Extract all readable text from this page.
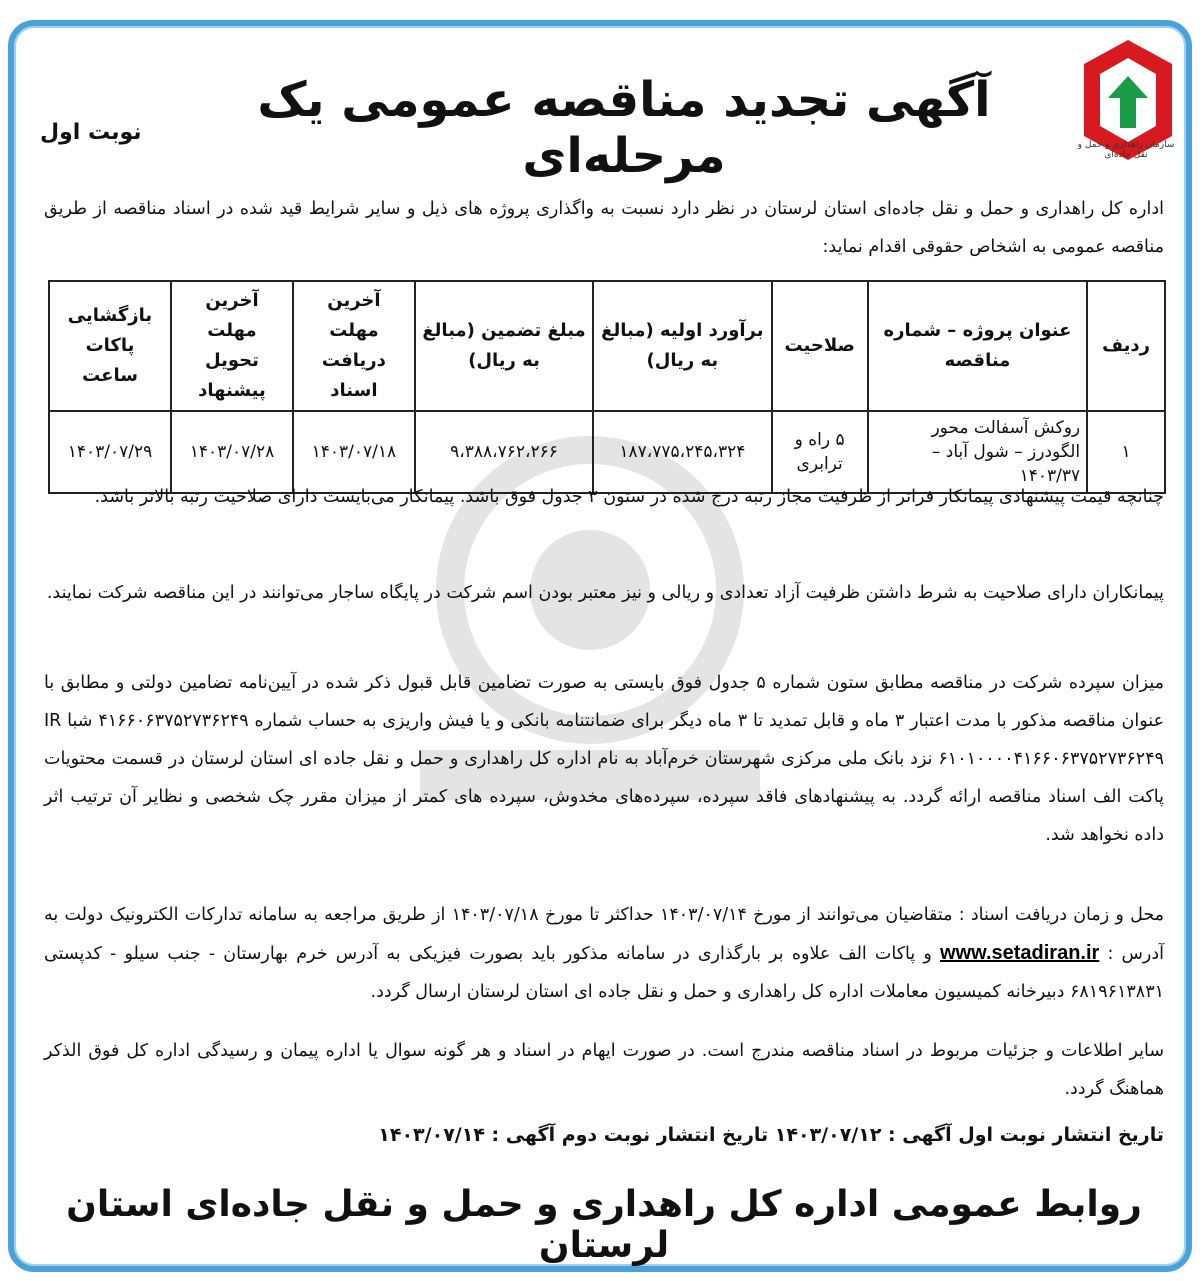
سازمان راهداری و حمل و نقل جاده‌ای
آگهی تجدید مناقصه عمومی یک مرحله‌ای
نوبت اول
اداره کل راهداری و حمل و نقل جاده‌ای استان لرستان در نظر دارد نسبت به واگذاری پروژه های ذیل و سایر شرایط قید شده در اسناد مناقصه از طریق مناقصه عمومی به اشخاص حقوقی اقدام نماید:
ردیف	عنوان پروژه – شماره مناقصه	صلاحیت	برآورد اولیه (مبالغ به ریال)	مبلغ تضمین (مبالغ به ریال)	آخرین مهلت دریافت اسناد	آخرین مهلت تحویل پیشنهاد	بازگشایی پاکات ساعت
۱	روکش آسفالت محور الگودرز – شول آباد – ۱۴۰۳/۳۷	۵ راه و ترابری	۱۸۷،۷۷۵،۲۴۵،۳۲۴	۹،۳۸۸،۷۶۲،۲۶۶	۱۴۰۳/۰۷/۱۸	۱۴۰۳/۰۷/۲۸	۱۴۰۳/۰۷/۲۹
چنانچه قیمت پیشنهادی پیمانکار فراتر از ظرفیت مجاز رتبه درج شده در ستون ۳ جدول فوق باشد. پیمانکار می‌بایست دارای صلاحیت رتبه بالاتر باشد.
پیمانکاران دارای صلاحیت به شرط داشتن ظرفیت آزاد تعدادی و ریالی و نیز معتبر بودن اسم شرکت در پایگاه ساجار می‌توانند در این مناقصه شرکت نمایند.
میزان سپرده شرکت در مناقصه مطابق ستون شماره ۵ جدول فوق بایستی به صورت تضامین قابل قبول ذکر شده در آیین‌نامه تضامین دولتی و مطابق با عنوان مناقصه مذکور با مدت اعتبار ۳ ماه و قابل تمدید تا ۳ ماه دیگر برای ضمانتنامه بانکی و یا فیش واریزی به حساب شماره ۴۱۶۶۰۶۳۷۵۲۷۳۶۲۴۹ شبا IR ۶۱۰۱۰۰۰۰۴۱۶۶۰۶۳۷۵۲۷۳۶۲۴۹ نزد بانک ملی مرکزی شهرستان خرم‌آباد به نام اداره کل راهداری و حمل و نقل جاده ای استان لرستان در قسمت محتویات پاکت الف اسناد مناقصه ارائه گردد. به پیشنهادهای فاقد سپرده، سپرده‌های مخدوش، سپرده های کمتر از میزان مقرر چک شخصی و نظایر آن ترتیب اثر داده نخواهد شد.
محل و زمان دریافت اسناد : متقاضیان می‌توانند از مورخ ۱۴۰۳/۰۷/۱۴ حداکثر تا مورخ ۱۴۰۳/۰۷/۱۸ از طریق مراجعه به سامانه تدارکات الکترونیک دولت به آدرس : www.setadiran.ir و پاکات الف علاوه بر بارگذاری در سامانه مذکور باید بصورت فیزیکی به آدرس خرم بهارستان - جنب سیلو - کدپستی ۶۸۱۹۶۱۳۸۳۱ دبیرخانه کمیسیون معاملات اداره کل راهداری و حمل و نقل جاده ای استان لرستان ارسال گردد.
سایر اطلاعات و جزئیات مربوط در اسناد مناقصه مندرج است. در صورت ایهام در اسناد و هر گونه سوال یا اداره پیمان و رسیدگی اداره کل فوق الذکر هماهنگ گردد.
تاریخ انتشار نوبت اول آگهی : ۱۴۰۳/۰۷/۱۲ تاریخ انتشار نوبت دوم آگهی : ۱۴۰۳/۰۷/۱۴
روابط عمومی اداره کل راهداری و حمل و نقل جاده‌ای استان لرستان
